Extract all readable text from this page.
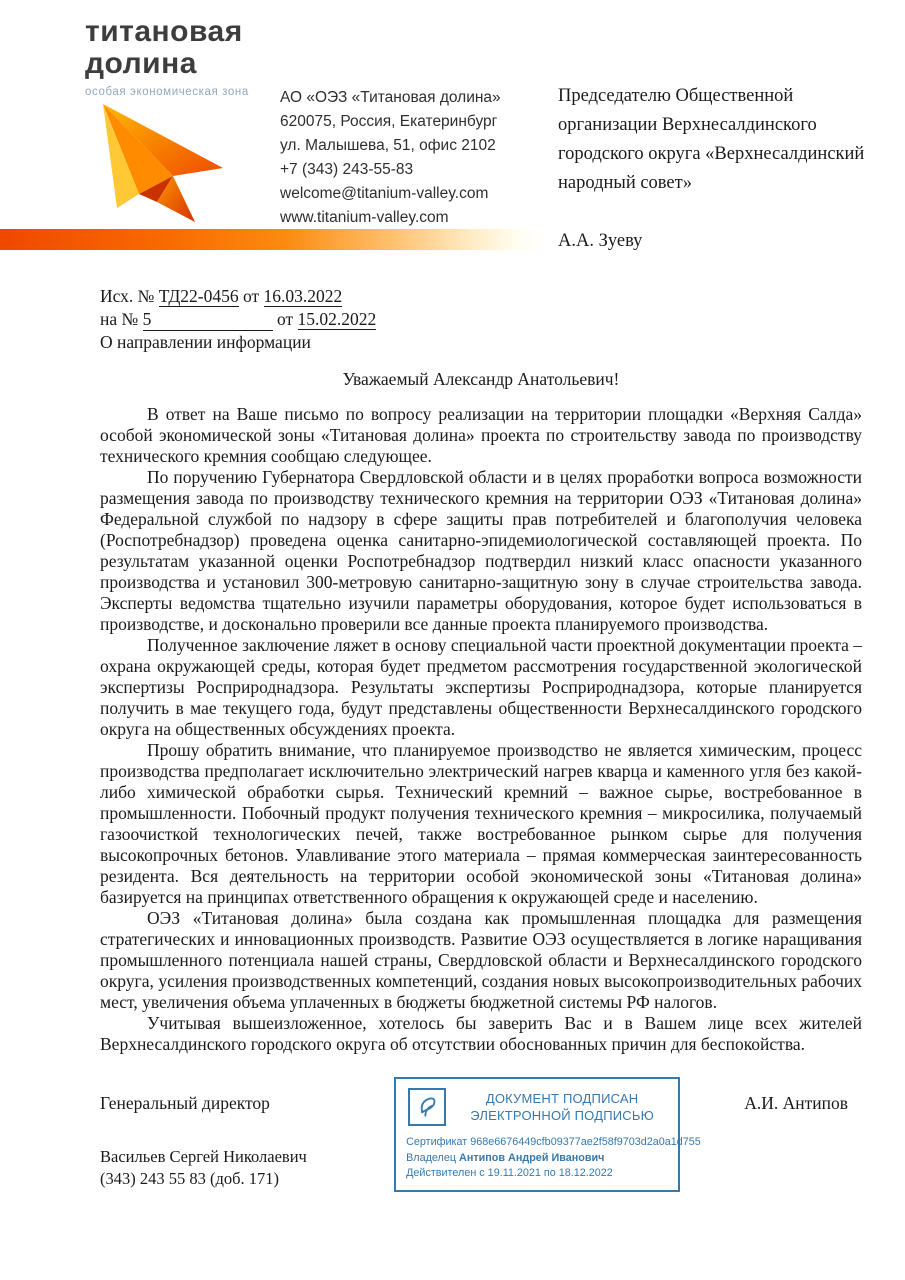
титановая
долина
особая экономическая зона	АО «ОЭЗ «Титановая долина»
620075, Россия, Екатеринбург
ул. Малышева, 51, офис 2102
+7 (343) 243-55-83
welcome@titanium-valley.com
www.titanium-valley.com
Председателю Общественной организации Верхнесалдинского городского округа «Верхнесалдинский народный совет»
А.А. Зуеву
Исх. № ТД22-0456 от 16.03.2022
на № 5	от 15.02.2022
О направлении информации
Уважаемый Александр Анатольевич!

В ответ на Ваше письмо по вопросу реализации на территории площадки «Верхняя Салда» особой экономической зоны «Титановая долина» проекта по строительству завода по производству технического кремния сообщаю следующее.

По поручению Губернатора Свердловской области и в целях проработки вопроса возможности размещения завода по производству технического кремния на территории ОЭЗ «Титановая долина» Федеральной службой по надзору в сфере защиты прав потребителей и благополучия человека (Роспотребнадзор) проведена оценка санитарно-эпидемиологической составляющей проекта. По результатам указанной оценки Роспотребнадзор подтвердил низкий класс опасности указанного производства и установил 300-метровую санитарно-защитную зону в случае строительства завода. Эксперты ведомства тщательно изучили параметры оборудования, которое будет использоваться в производстве, и досконально проверили все данные проекта планируемого производства.

Полученное заключение ляжет в основу специальной части проектной документации проекта – охрана окружающей среды, которая будет предметом рассмотрения государственной экологической экспертизы Росприроднадзора. Результаты экспертизы Росприроднадзора, которые планируется получить в мае текущего года, будут представлены общественности Верхнесалдинского городского округа на общественных обсуждениях проекта.

Прошу обратить внимание, что планируемое производство не является химическим, процесс производства предполагает исключительно электрический нагрев кварца и каменного угля без какой-либо химической обработки сырья. Технический кремний – важное сырье, востребованное в промышленности. Побочный продукт получения технического кремния – микросилика, получаемый газоочисткой технологических печей, также востребованное рынком сырье для получения высокопрочных бетонов. Улавливание этого материала – прямая коммерческая заинтересованность резидента. Вся деятельность на территории особой экономической зоны «Титановая долина» базируется на принципах ответственного обращения к окружающей среде и населению.

ОЭЗ «Титановая долина» была создана как промышленная площадка для размещения стратегических и инновационных производств. Развитие ОЭЗ осуществляется в логике наращивания промышленного потенциала нашей страны, Свердловской области и Верхнесалдинского городского округа, усиления производственных компетенций, создания новых высокопроизводительных рабочих мест, увеличения объема уплаченных в бюджеты бюджетной системы РФ налогов.

Учитывая вышеизложенное, хотелось бы заверить Вас и в Вашем лице всех жителей Верхнесалдинского городского округа об отсутствии обоснованных причин для беспокойства.

Генеральный директор
Васильев Сергей Николаевич
(343) 243 55 83 (доб. 171)
ДОКУМЕНТ ПОДПИСАН
ЭЛЕКТРОННОЙ ПОДПИСЬЮ
Сертификат 968e6676449cfb09377ae2f58f9703d2a0a1d755
Владелец Антипов Андрей Иванович
Действителен с 19.11.2021 по 18.12.2022
А.И. Антипов
